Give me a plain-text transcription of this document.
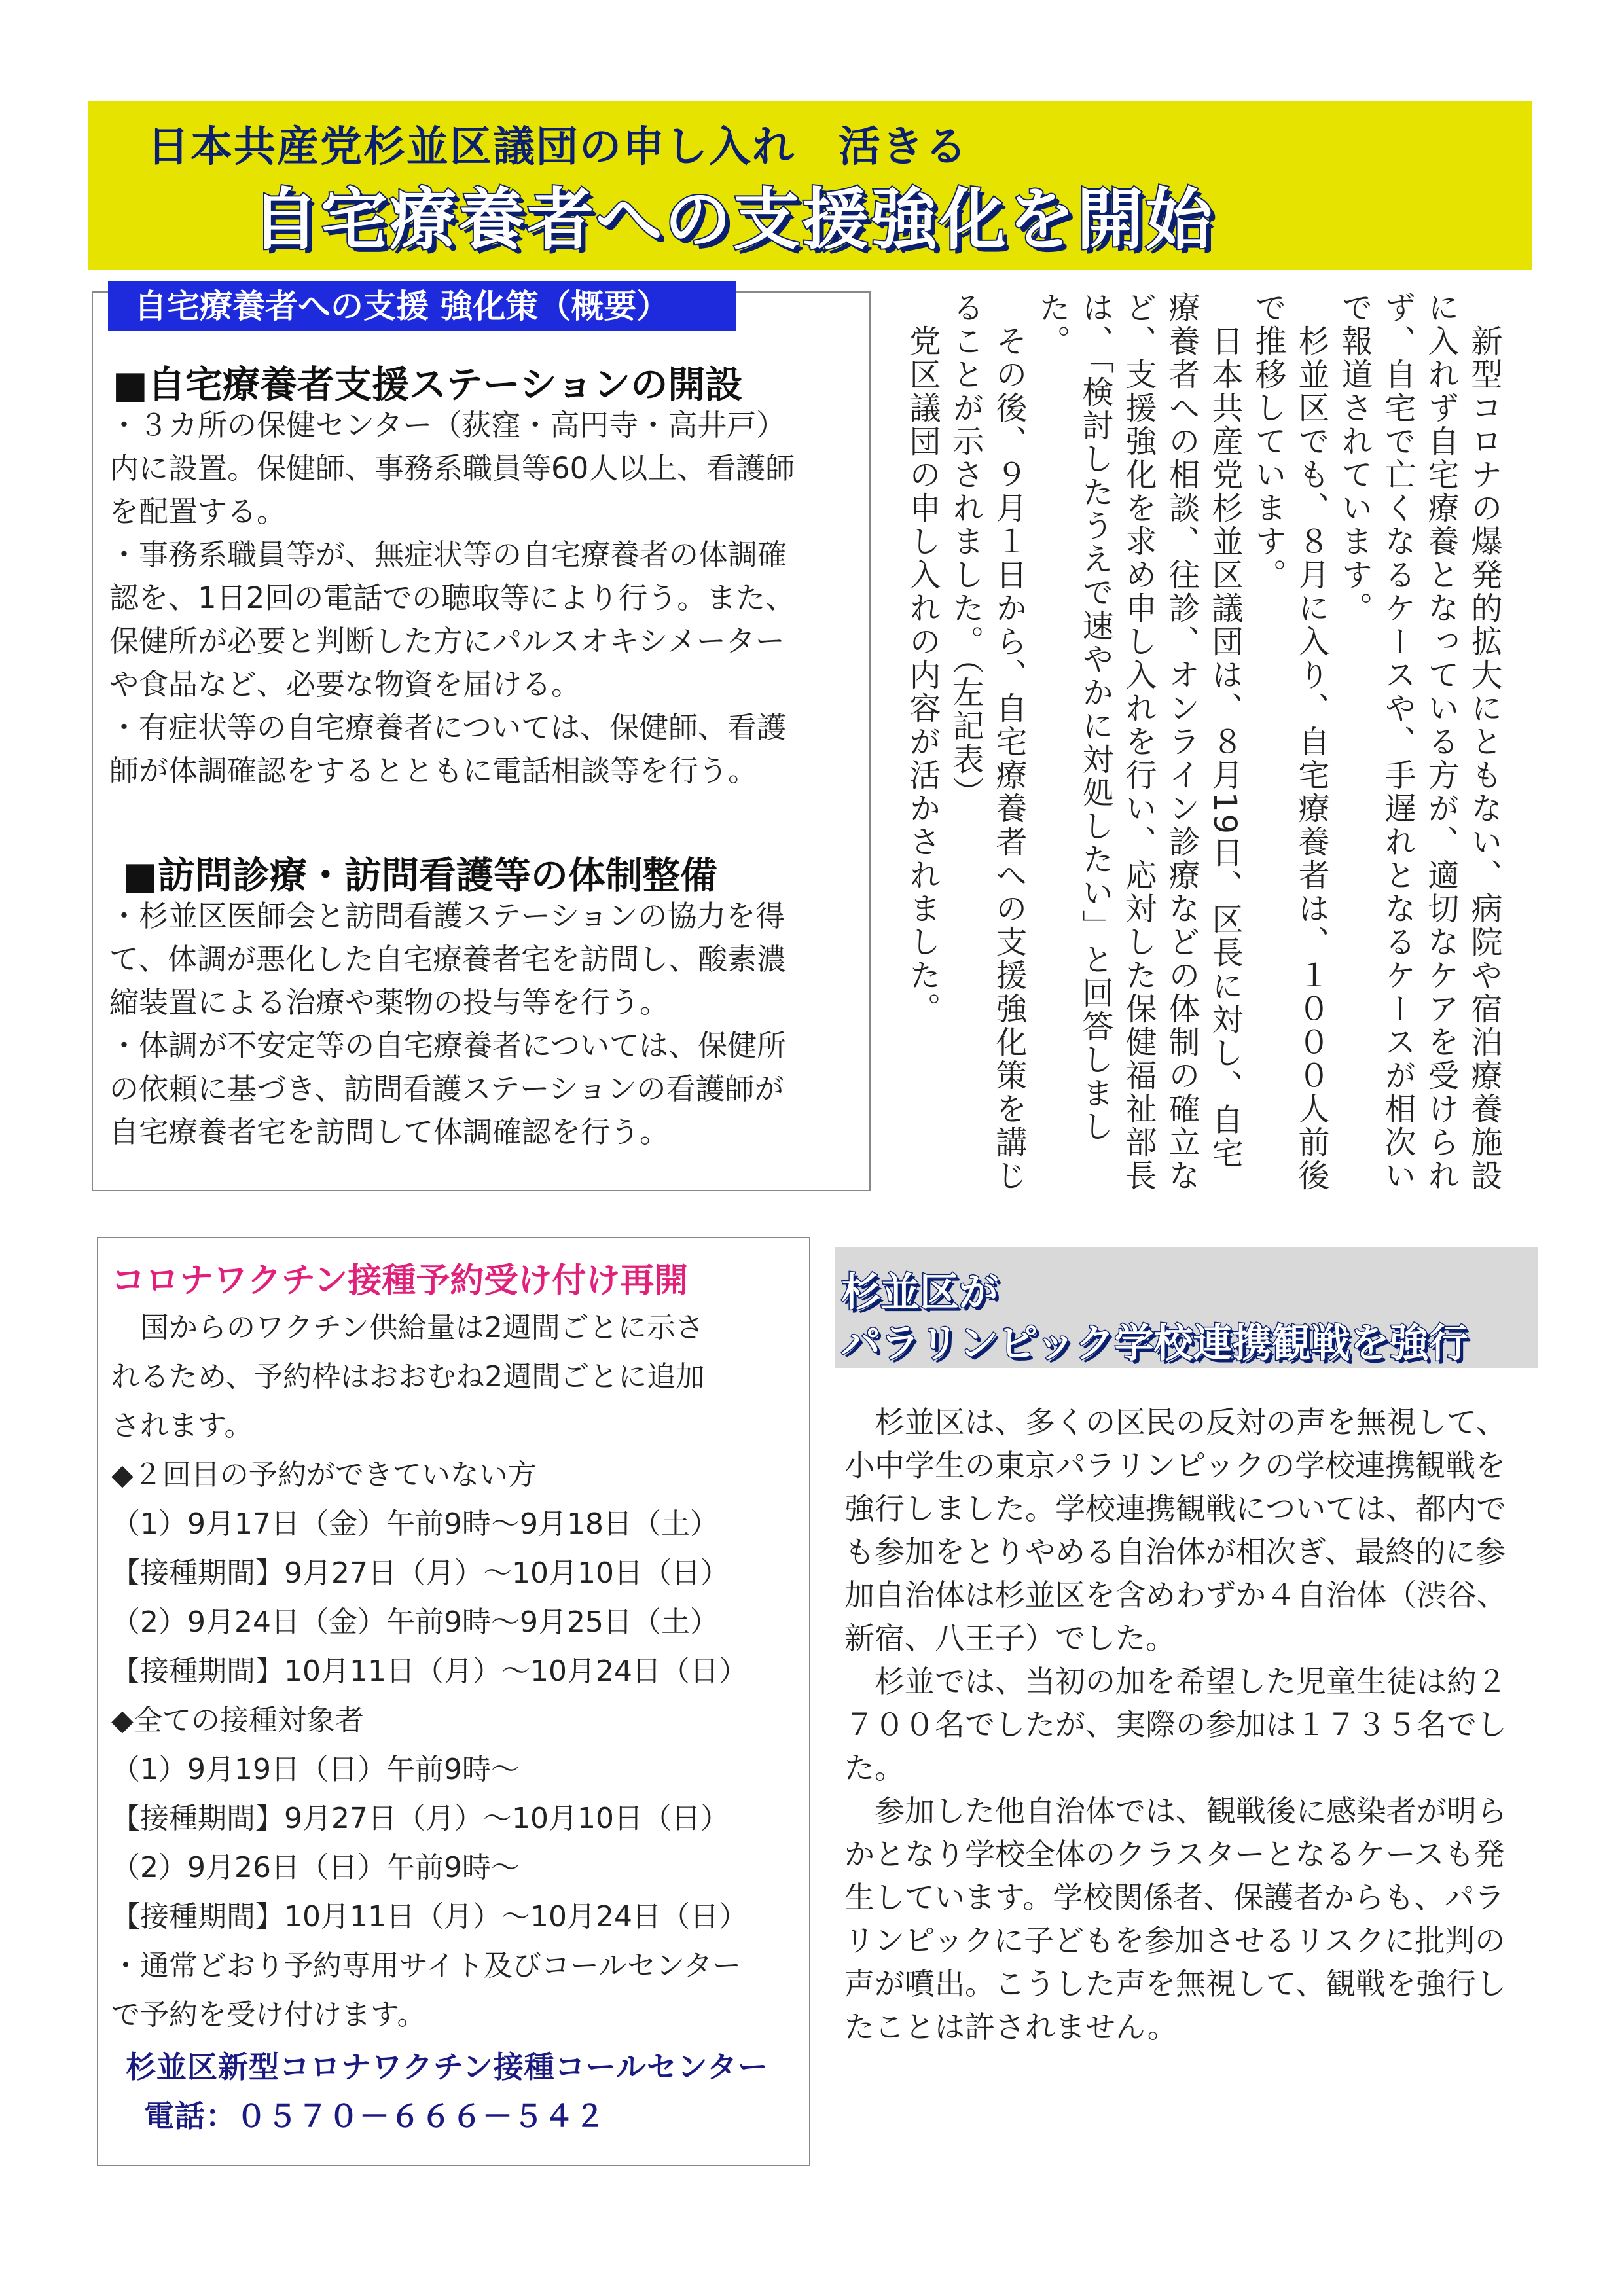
日本共産党杉並区議団の申し入れ　活きる
自宅療養者への支援強化を開始
■自宅療養者支援ステーションの開設
・３カ所の保健センター（荻窪・高円寺・高井戸）
内に設置。保健師、事務系職員等60人以上、看護師
を配置する。
・事務系職員等が、無症状等の自宅療養者の体調確
認を、1日2回の電話での聴取等により行う。また、
保健所が必要と判断した方にパルスオキシメーター
や食品など、必要な物資を届ける。
・有症状等の自宅療養者については、保健師、看護
師が体調確認をするとともに電話相談等を行う。
■訪問診療・訪問看護等の体制整備
・杉並区医師会と訪問看護ステーションの協力を得
て、体調が悪化した自宅療養者宅を訪問し、酸素濃
縮装置による治療や薬物の投与等を行う。
・体調が不安定等の自宅療養者については、保健所
の依頼に基づき、訪問看護ステーションの看護師が
自宅療養者宅を訪問して体調確認を行う。
自宅療養者への支援 強化策（概要）	　新型コロナの爆発的拡大にともない、病院や宿泊療養施設に入れず自宅療養となっている方が、適切なケアを受けられず、自宅で亡くなるケースや、手遅れとなるケースが相次いで報道されています。

　杉並区でも、８月に入り、自宅療養者は、１０００人前後で推移しています。

　日本共産党杉並区議団は、８月19日、区長に対し、自宅療養者への相談、往診、オンライン診療などの体制の確立など、支援強化を求め申し入れを行い、応対した保健福祉部長は、「検討したうえで速やかに対処したい」と回答しました。

　その後、９月１日から、自宅療養者への支援強化策を講じることが示されました。（左記表）

　党区議団の申し入れの内容が活かされました。

コロナワクチン接種予約受け付け再開
　国からのワクチン供給量は2週間ごとに示さ
れるため、予約枠はおおむね2週間ごとに追加
されます。
◆２回目の予約ができていない方
（1）9月17日（金）午前9時～9月18日（土）
【接種期間】9月27日（月）～10月10日（日）
（2）9月24日（金）午前9時～9月25日（土）
【接種期間】10月11日（月）～10月24日（日）
◆全ての接種対象者
（1）9月19日（日）午前9時～
【接種期間】9月27日（月）～10月10日（日）
（2）9月26日（日）午前9時～
【接種期間】10月11日（月）～10月24日（日）
・通常どおり予約専用サイト及びコールセンター
で予約を受け付けます。
杉並区新型コロナワクチン接種コールセンター
電話：０５７０－６６６－５４２
杉並区が
パラリンピック学校連携観戦を強行

杉並区は、多くの区民の反対の声を無視して、小中学生の東京パラリンピックの学校連携観戦を強行しました。学校連携観戦については、都内でも参加をとりやめる自治体が相次ぎ、最終的に参加自治体は杉並区を含めわずか４自治体（渋谷、新宿、八王子）でした。

杉並では、当初の加を希望した児童生徒は約２７００名でしたが、実際の参加は１７３５名でした。

参加した他自治体では、観戦後に感染者が明らかとなり学校全体のクラスターとなるケースも発生しています。学校関係者、保護者からも、パラリンピックに子どもを参加させるリスクに批判の声が噴出。こうした声を無視して、観戦を強行したことは許されません。
